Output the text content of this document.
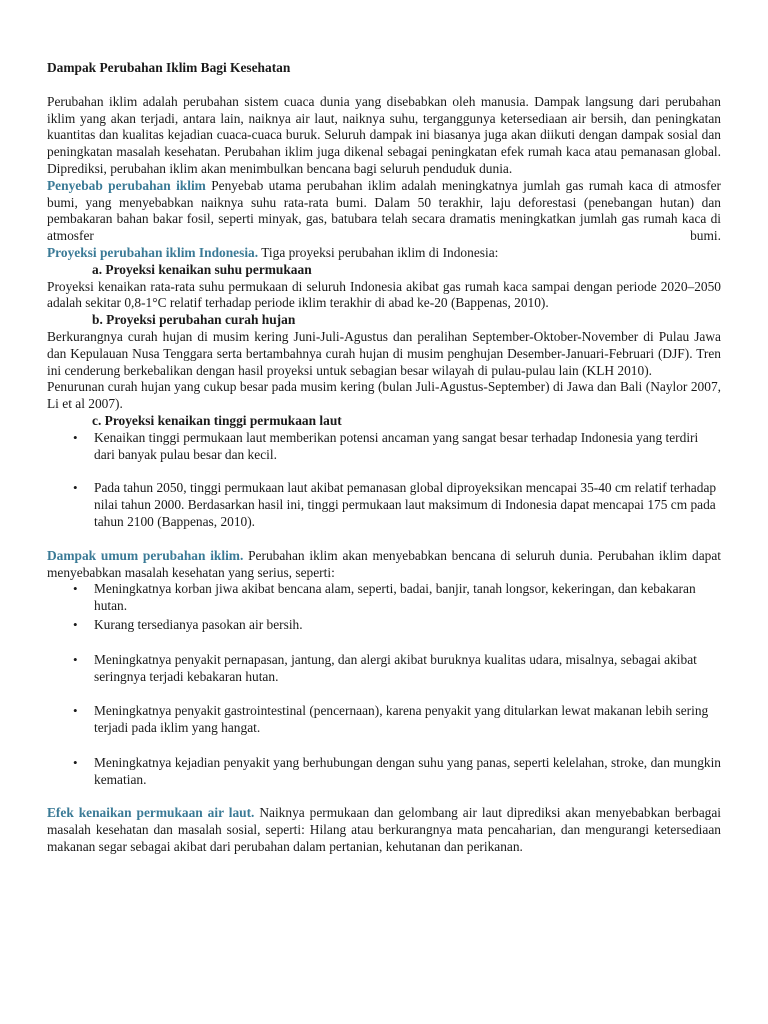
Dampak Perubahan Iklim Bagi Kesehatan

Perubahan iklim adalah perubahan sistem cuaca dunia yang disebabkan oleh manusia. Dampak langsung dari perubahan iklim yang akan terjadi, antara lain, naiknya air laut, naiknya suhu, terganggunya ketersediaan air bersih, dan peningkatan kuantitas dan kualitas kejadian cuaca-cuaca buruk. Seluruh dampak ini biasanya juga akan diikuti dengan dampak sosial dan peningkatan masalah kesehatan. Perubahan iklim juga dikenal sebagai peningkatan efek rumah kaca atau pemanasan global. Diprediksi, perubahan iklim akan menimbulkan bencana bagi seluruh penduduk dunia.

Penyebab perubahan iklim Penyebab utama perubahan iklim adalah meningkatnya jumlah gas rumah kaca di atmosfer bumi, yang menyebabkan naiknya suhu rata-rata bumi. Dalam 50 terakhir, laju deforestasi (penebangan hutan) dan pembakaran bahan bakar fosil, seperti minyak, gas, batubara telah secara dramatis meningkatkan jumlah gas rumah kaca di atmosfer bumi.

Proyeksi perubahan iklim Indonesia. Tiga proyeksi perubahan iklim di Indonesia:

a. Proyeksi kenaikan suhu permukaan

Proyeksi kenaikan rata-rata suhu permukaan di seluruh Indonesia akibat gas rumah kaca sampai dengan periode 2020–2050 adalah sekitar 0,8-1°C relatif terhadap periode iklim terakhir di abad ke-20 (Bappenas, 2010).

b. Proyeksi perubahan curah hujan

Berkurangnya curah hujan di musim kering Juni-Juli-Agustus dan peralihan September-Oktober-November di Pulau Jawa dan Kepulauan Nusa Tenggara serta bertambahnya curah hujan di musim penghujan Desember-Januari-Februari (DJF). Tren ini cenderung berkebalikan dengan hasil proyeksi untuk sebagian besar wilayah di pulau-pulau lain (KLH 2010).

Penurunan curah hujan yang cukup besar pada musim kering (bulan Juli-Agustus-September) di Jawa dan Bali (Naylor 2007, Li et al 2007).

c. Proyeksi kenaikan tinggi permukaan laut
• Kenaikan tinggi permukaan laut memberikan potensi ancaman yang sangat besar terhadap Indonesia yang terdiri dari banyak pulau besar dan kecil.
• Pada tahun 2050, tinggi permukaan laut akibat pemanasan global diproyeksikan mencapai 35-40 cm relatif terhadap nilai tahun 2000. Berdasarkan hasil ini, tinggi permukaan laut maksimum di Indonesia dapat mencapai 175 cm pada tahun 2100 (Bappenas, 2010).

Dampak umum perubahan iklim. Perubahan iklim akan menyebabkan bencana di seluruh dunia. Perubahan iklim dapat menyebabkan masalah kesehatan yang serius, seperti:

• Meningkatnya korban jiwa akibat bencana alam, seperti, badai, banjir, tanah longsor, kekeringan, dan kebakaran hutan.
• Kurang tersedianya pasokan air bersih.
• Meningkatnya penyakit pernapasan, jantung, dan alergi akibat buruknya kualitas udara, misalnya, sebagai akibat seringnya terjadi kebakaran hutan.
• Meningkatnya penyakit gastrointestinal (pencernaan), karena penyakit yang ditularkan lewat makanan lebih sering terjadi pada iklim yang hangat.
• Meningkatnya kejadian penyakit yang berhubungan dengan suhu yang panas, seperti kelelahan, stroke, dan mungkin kematian.

Efek kenaikan permukaan air laut. Naiknya permukaan dan gelombang air laut diprediksi akan menyebabkan berbagai masalah kesehatan dan masalah sosial, seperti: Hilang atau berkurangnya mata pencaharian, dan mengurangi ketersediaan makanan segar sebagai akibat dari perubahan dalam pertanian, kehutanan dan perikanan.
